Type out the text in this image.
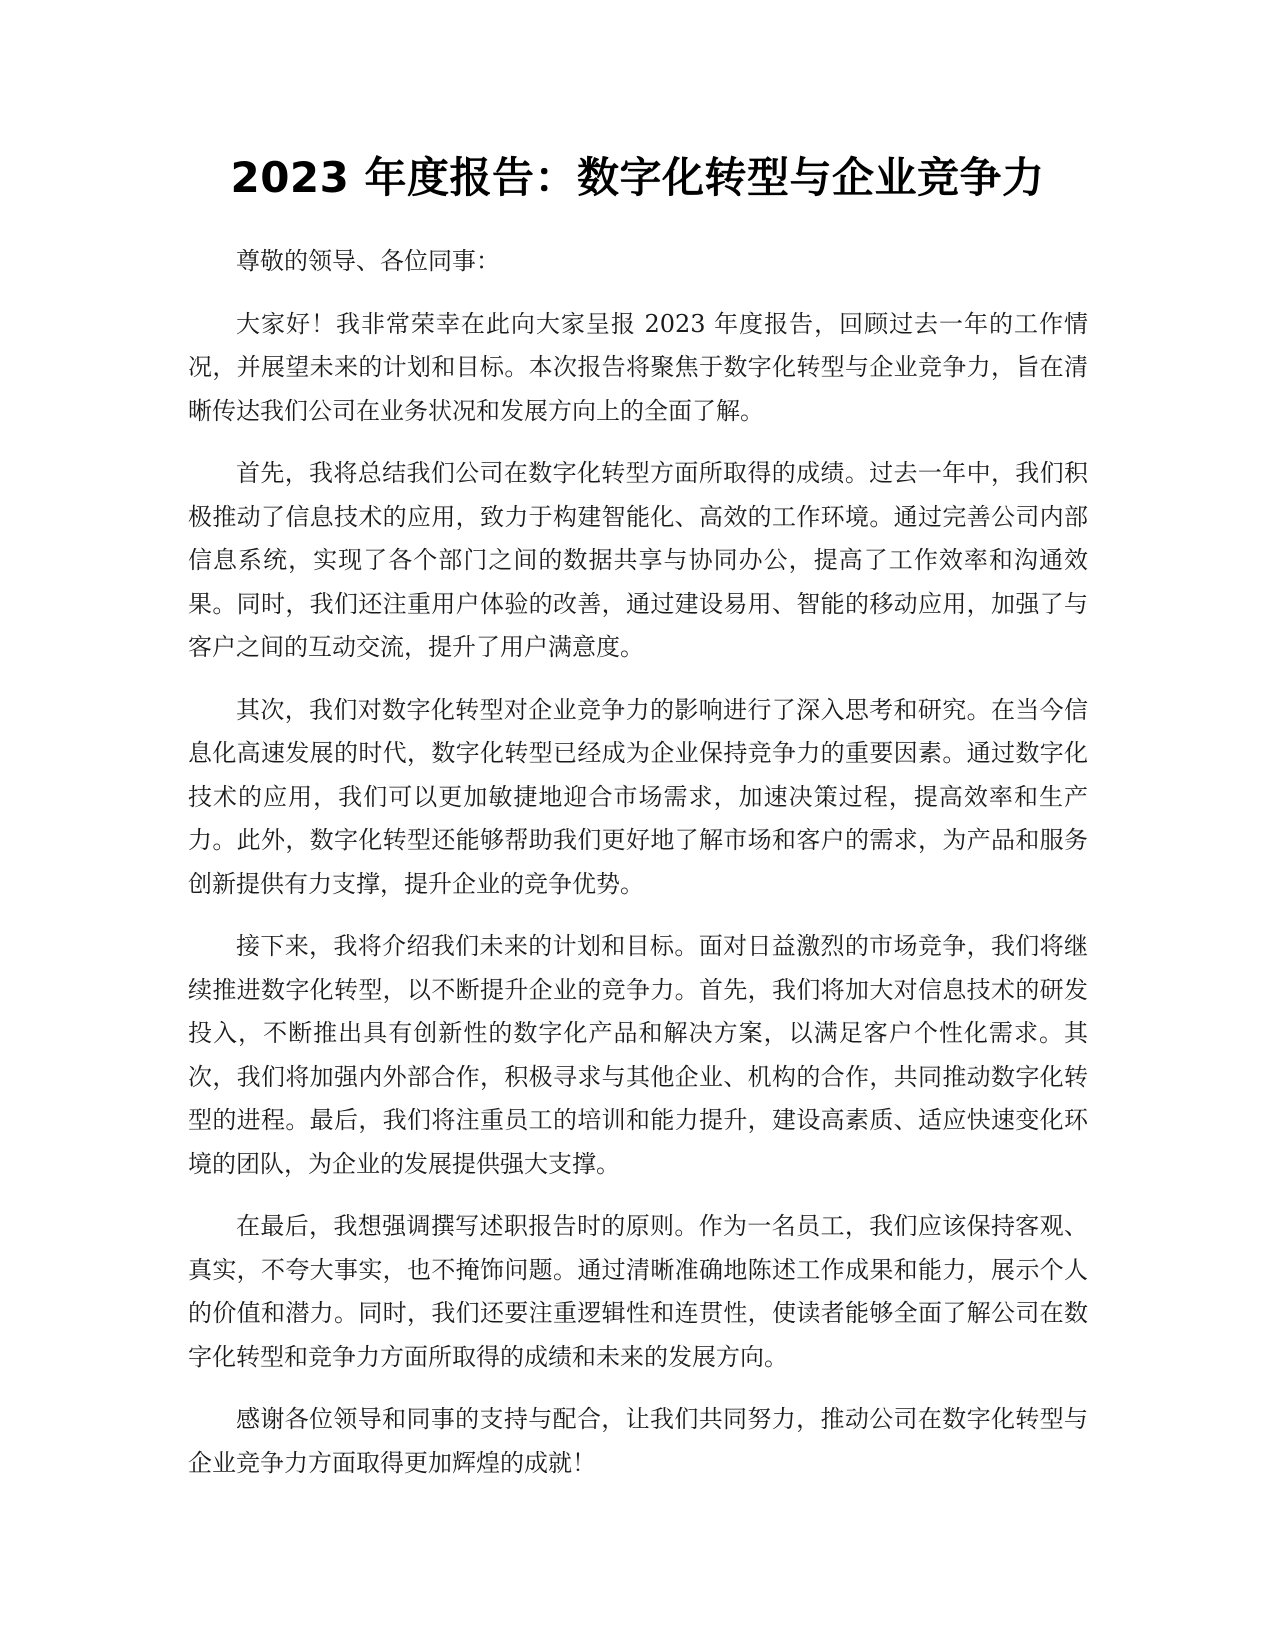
2023 年度报告：数字化转型与企业竞争力

尊敬的领导、各位同事：

大家好！我非常荣幸在此向大家呈报 2023 年度报告，回顾过去一年的工作情况，并展望未来的计划和目标。本次报告将聚焦于数字化转型与企业竞争力，旨在清晰传达我们公司在业务状况和发展方向上的全面了解。

首先，我将总结我们公司在数字化转型方面所取得的成绩。过去一年中，我们积极推动了信息技术的应用，致力于构建智能化、高效的工作环境。通过完善公司内部信息系统，实现了各个部门之间的数据共享与协同办公，提高了工作效率和沟通效果。同时，我们还注重用户体验的改善，通过建设易用、智能的移动应用，加强了与客户之间的互动交流，提升了用户满意度。

其次，我们对数字化转型对企业竞争力的影响进行了深入思考和研究。在当今信息化高速发展的时代，数字化转型已经成为企业保持竞争力的重要因素。通过数字化技术的应用，我们可以更加敏捷地迎合市场需求，加速决策过程，提高效率和生产力。此外，数字化转型还能够帮助我们更好地了解市场和客户的需求，为产品和服务创新提供有力支撑，提升企业的竞争优势。

接下来，我将介绍我们未来的计划和目标。面对日益激烈的市场竞争，我们将继续推进数字化转型，以不断提升企业的竞争力。首先，我们将加大对信息技术的研发投入，不断推出具有创新性的数字化产品和解决方案，以满足客户个性化需求。其次，我们将加强内外部合作，积极寻求与其他企业、机构的合作，共同推动数字化转型的进程。最后，我们将注重员工的培训和能力提升，建设高素质、适应快速变化环境的团队，为企业的发展提供强大支撑。

在最后，我想强调撰写述职报告时的原则。作为一名员工，我们应该保持客观、真实，不夸大事实，也不掩饰问题。通过清晰准确地陈述工作成果和能力，展示个人的价值和潜力。同时，我们还要注重逻辑性和连贯性，使读者能够全面了解公司在数字化转型和竞争力方面所取得的成绩和未来的发展方向。

感谢各位领导和同事的支持与配合，让我们共同努力，推动公司在数字化转型与企业竞争力方面取得更加辉煌的成就！
